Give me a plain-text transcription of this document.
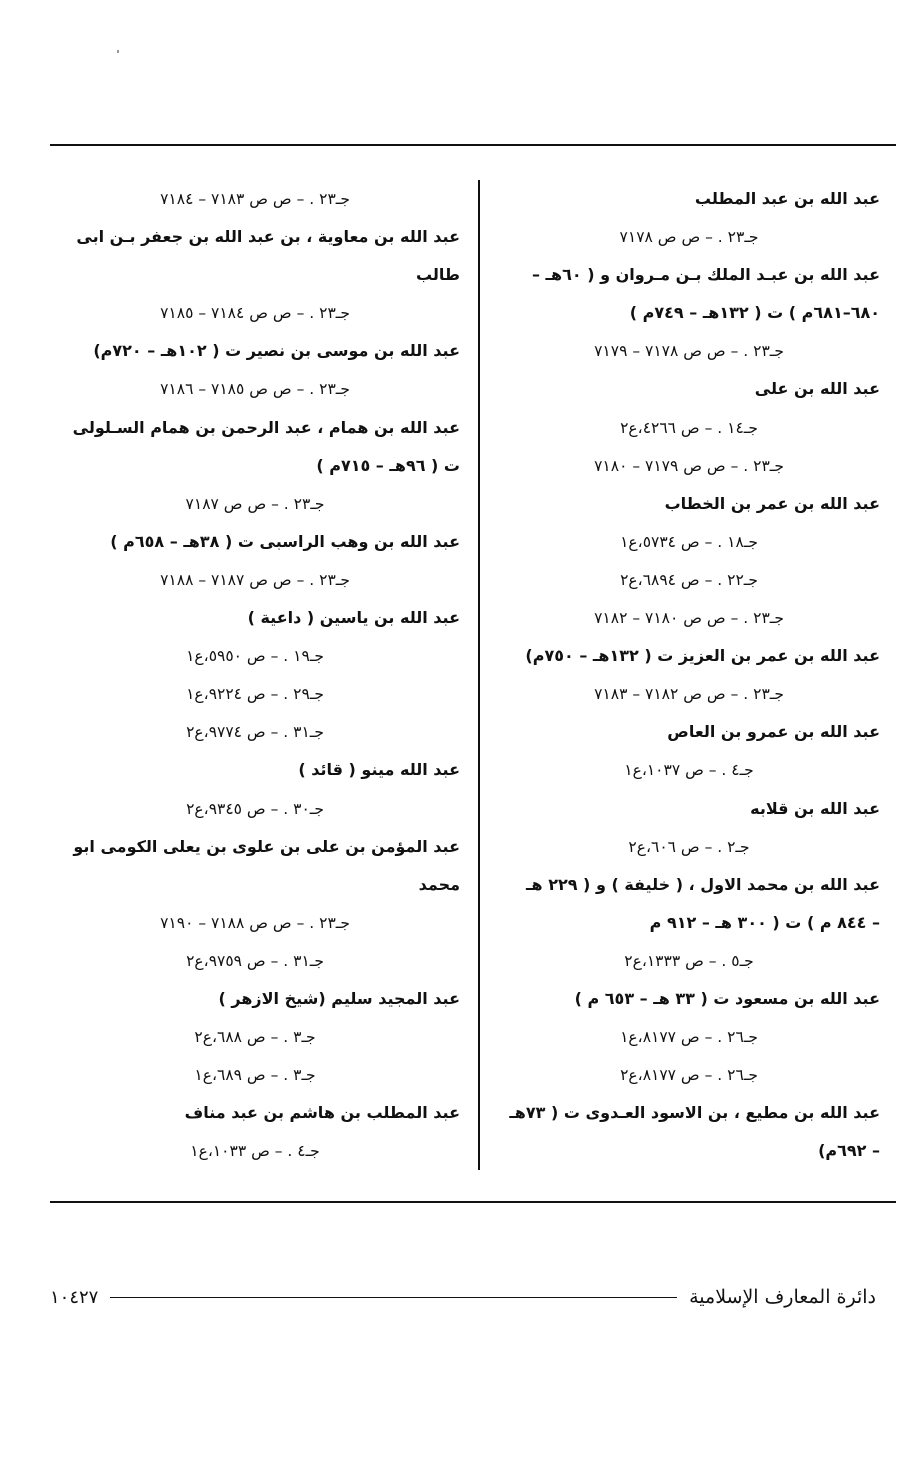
عبد الله بن عبد المطلب
جـ٢٣ . – ص ص ٧١٧٨
عبد الله بن عبـد الملك بـن مـروان و ( ٦٠هـ –
٦٨٠–٦٨١م ) ت ( ١٣٢هـ – ٧٤٩م )
جـ٢٣ . – ص ص ٧١٧٨ – ٧١٧٩
عبد الله بن على
جـ١٤ . – ص ٤٢٦٦،ع٢
جـ٢٣ . – ص ص ٧١٧٩ – ٧١٨٠
عبد الله بن عمر بن الخطاب
جـ١٨ . – ص ٥٧٣٤،ع١
جـ٢٢ . – ص ٦٨٩٤،ع٢
جـ٢٣ . – ص ص ٧١٨٠ – ٧١٨٢
عبد الله بن عمر بن العزيز ت ( ١٣٢هـ – ٧٥٠م)
جـ٢٣ . – ص ص ٧١٨٢ – ٧١٨٣
عبد الله بن عمرو بن العاص
جـ٤ . – ص ١٠٣٧،ع١
عبد الله بن قلابه
جـ٢ . – ص ٦٠٦،ع٢
عبد الله بن محمد الاول ، ( خليفة ) و ( ٢٢٩ هـ
– ٨٤٤ م ) ت ( ٣٠٠ هـ – ٩١٢ م
جـ٥ . – ص ١٣٣٣،ع٢
عبد الله بن مسعود ت ( ٣٣ هـ – ٦٥٣ م )
جـ٢٦ . – ص ٨١٧٧،ع١
جـ٢٦ . – ص ٨١٧٧،ع٢
عبد الله بن مطيع ، بن الاسود العـدوى ت ( ٧٣هـ
– ٦٩٢م)
جـ٢٣ . – ص ص ٧١٨٣ – ٧١٨٤
عبد الله بن معاوية ، بن عبد الله بن جعفر بـن ابى
طالب
جـ٢٣ . – ص ص ٧١٨٤ – ٧١٨٥
عبد الله بن موسى بن نصير ت ( ١٠٢هـ – ٧٢٠م)
جـ٢٣ . – ص ص ٧١٨٥ – ٧١٨٦
عبد الله بن همام ، عبد الرحمن بن همام السـلولى
ت ( ٩٦هـ – ٧١٥م )
جـ٢٣ . – ص ص ٧١٨٧
عبد الله بن وهب الراسبى ت ( ٣٨هـ – ٦٥٨م )
جـ٢٣ . – ص ص ٧١٨٧ – ٧١٨٨
عبد الله بن ياسين ( داعية )
جـ١٩ . – ص ٥٩٥٠،ع١
جـ٢٩ . – ص ٩٢٢٤،ع١
جـ٣١ . – ص ٩٧٧٤،ع٢
عبد الله مينو ( قائد )
جـ٣٠ . – ص ٩٣٤٥،ع٢
عبد المؤمن بن على بن علوى بن يعلى الكومى ابو
محمد
جـ٢٣ . – ص ص ٧١٨٨ – ٧١٩٠
جـ٣١ . – ص ٩٧٥٩،ع٢
عبد المجيد سليم (شيخ الازهر )
جـ٣ . – ص ٦٨٨،ع٢
جـ٣ . – ص ٦٨٩،ع١
عبد المطلب بن هاشم بن عبد مناف
جـ٤ . – ص ١٠٣٣،ع١
دائرة المعارف الإسلامية
١٠٤٢٧
